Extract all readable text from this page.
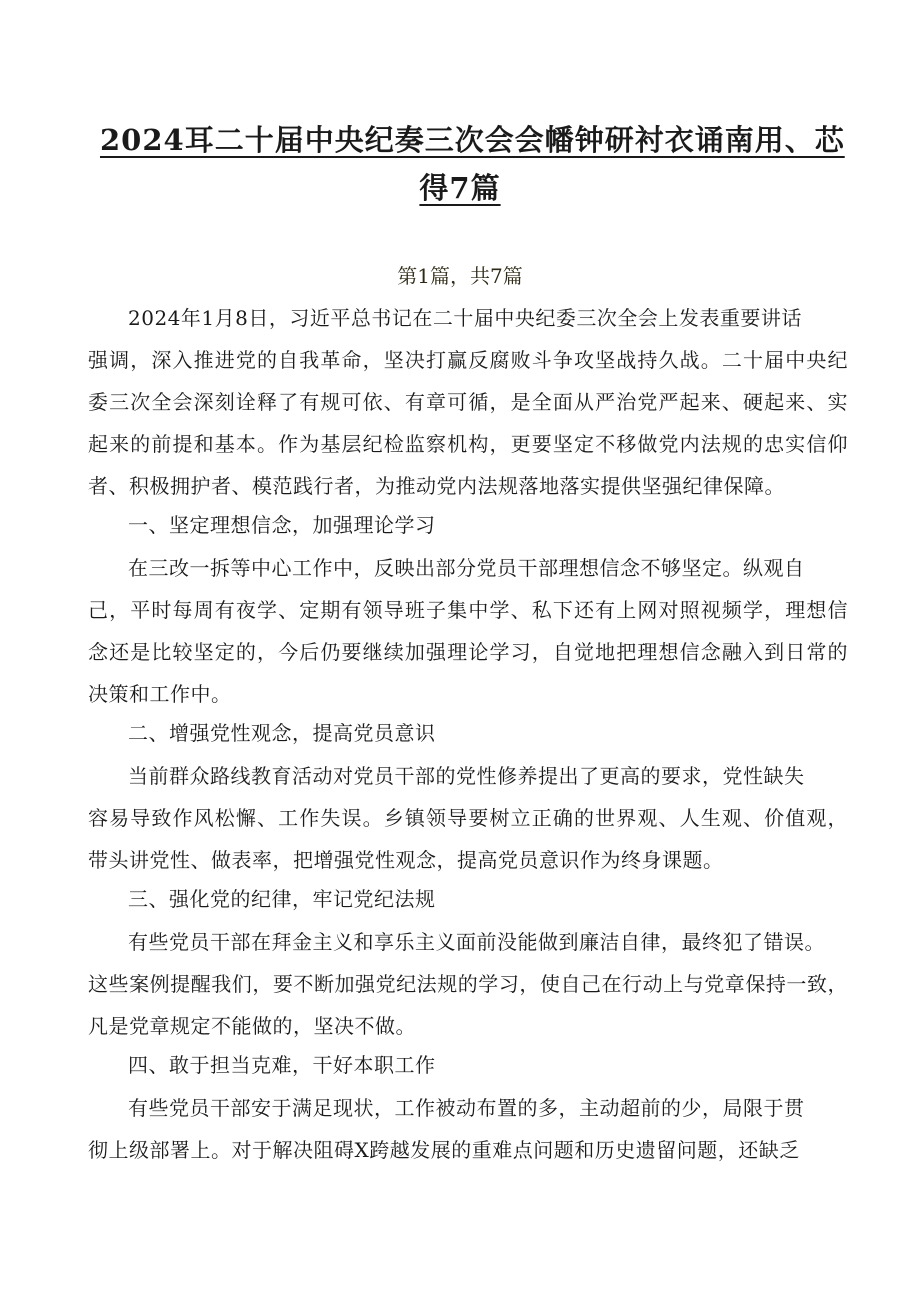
2024耳二十届中央纪奏三次会会幡钟研衬衣诵南用、芯
得7篇
第1篇，共7篇
2024年1月8日，习近平总书记在二十届中央纪委三次全会上发表重要讲话
强调，深入推进党的自我革命，坚决打赢反腐败斗争攻坚战持久战。二十届中央纪
委三次全会深刻诠释了有规可依、有章可循，是全面从严治党严起来、硬起来、实
起来的前提和基本。作为基层纪检监察机构，更要坚定不移做党内法规的忠实信仰
者、积极拥护者、模范践行者，为推动党内法规落地落实提供坚强纪律保障。
一、坚定理想信念，加强理论学习
在三改一拆等中心工作中，反映出部分党员干部理想信念不够坚定。纵观自
己，平时每周有夜学、定期有领导班子集中学、私下还有上网对照视频学，理想信
念还是比较坚定的，今后仍要继续加强理论学习，自觉地把理想信念融入到日常的
决策和工作中。
二、增强党性观念，提高党员意识
当前群众路线教育活动对党员干部的党性修养提出了更高的要求，党性缺失
容易导致作风松懈、工作失误。乡镇领导要树立正确的世界观、人生观、价值观，
带头讲党性、做表率，把增强党性观念，提高党员意识作为终身课题。
三、强化党的纪律，牢记党纪法规
有些党员干部在拜金主义和享乐主义面前没能做到廉洁自律，最终犯了错误。
这些案例提醒我们，要不断加强党纪法规的学习，使自己在行动上与党章保持一致，
凡是党章规定不能做的，坚决不做。
四、敢于担当克难，干好本职工作
有些党员干部安于满足现状，工作被动布置的多，主动超前的少，局限于贯
彻上级部署上。对于解决阻碍X跨越发展的重难点问题和历史遗留问题，还缺乏
